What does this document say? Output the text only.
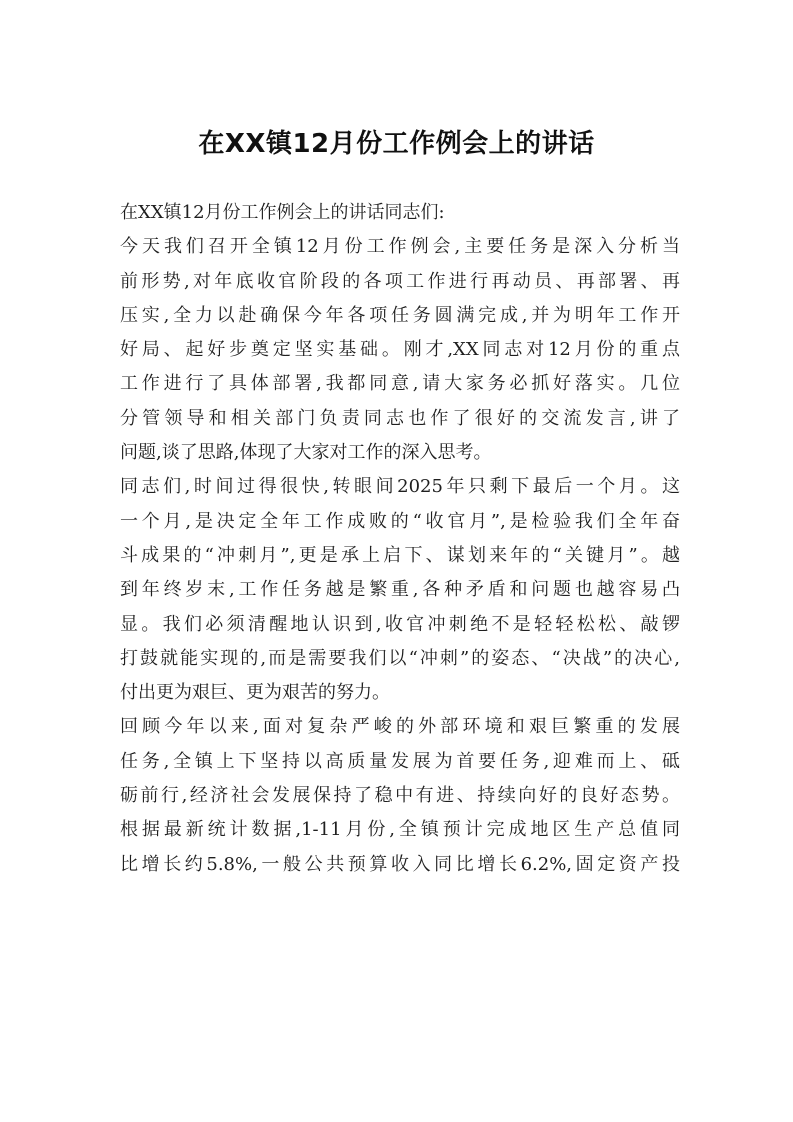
在XX镇12月份工作例会上的讲话
在XX镇12月份工作例会上的讲话同志们:
今天我们召开全镇12月份工作例会,主要任务是深入分析当
前形势,对年底收官阶段的各项工作进行再动员、再部署、再
压实,全力以赴确保今年各项任务圆满完成,并为明年工作开
好局、起好步奠定坚实基础。刚才,XX同志对12月份的重点
工作进行了具体部署,我都同意,请大家务必抓好落实。几位
分管领导和相关部门负责同志也作了很好的交流发言,讲了
问题,谈了思路,体现了大家对工作的深入思考。
同志们,时间过得很快,转眼间2025年只剩下最后一个月。这
一个月,是决定全年工作成败的“收官月”,是检验我们全年奋
斗成果的“冲刺月”,更是承上启下、谋划来年的“关键月”。越
到年终岁末,工作任务越是繁重,各种矛盾和问题也越容易凸
显。我们必须清醒地认识到,收官冲刺绝不是轻轻松松、敲锣
打鼓就能实现的,而是需要我们以“冲刺”的姿态、“决战”的决心,
付出更为艰巨、更为艰苦的努力。
回顾今年以来,面对复杂严峻的外部环境和艰巨繁重的发展
任务,全镇上下坚持以高质量发展为首要任务,迎难而上、砥
砺前行,经济社会发展保持了稳中有进、持续向好的良好态势。
根据最新统计数据,1-11月份,全镇预计完成地区生产总值同
比增长约5.8%,一般公共预算收入同比增长6.2%,固定资产投
